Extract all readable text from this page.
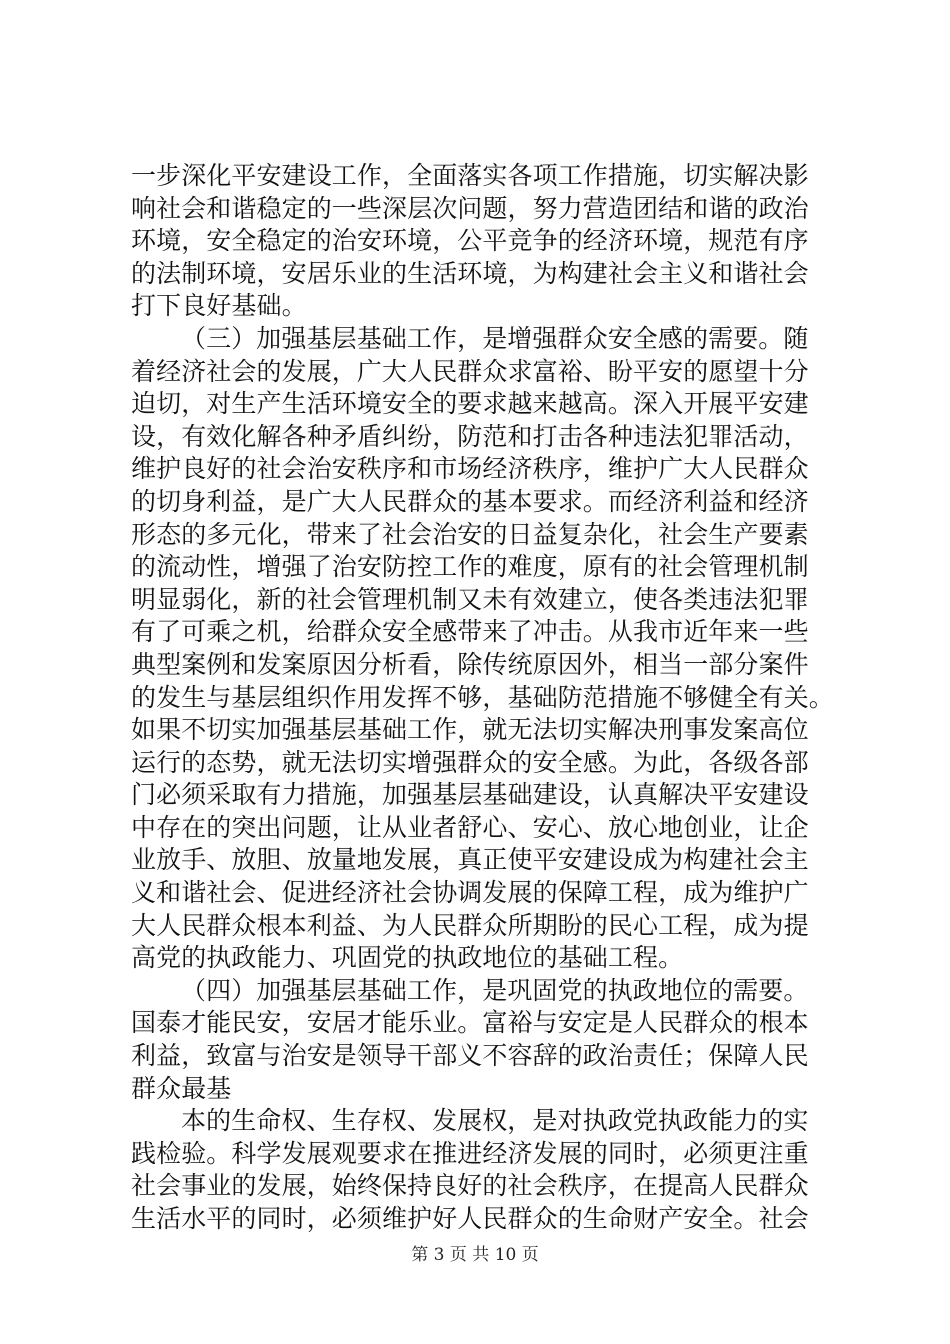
一步深化平安建设工作，全面落实各项工作措施，切实解决影
响社会和谐稳定的一些深层次问题，努力营造团结和谐的政治
环境，安全稳定的治安环境，公平竞争的经济环境，规范有序
的法制环境，安居乐业的生活环境，为构建社会主义和谐社会
打下良好基础。
（三）加强基层基础工作，是增强群众安全感的需要。随
着经济社会的发展，广大人民群众求富裕、盼平安的愿望十分
迫切，对生产生活环境安全的要求越来越高。深入开展平安建
设，有效化解各种矛盾纠纷，防范和打击各种违法犯罪活动，
维护良好的社会治安秩序和市场经济秩序，维护广大人民群众
的切身利益，是广大人民群众的基本要求。而经济利益和经济
形态的多元化，带来了社会治安的日益复杂化，社会生产要素
的流动性，增强了治安防控工作的难度，原有的社会管理机制
明显弱化，新的社会管理机制又未有效建立，使各类违法犯罪
有了可乘之机，给群众安全感带来了冲击。从我市近年来一些
典型案例和发案原因分析看，除传统原因外，相当一部分案件
的发生与基层组织作用发挥不够，基础防范措施不够健全有关。
如果不切实加强基层基础工作，就无法切实解决刑事发案高位
运行的态势，就无法切实增强群众的安全感。为此，各级各部
门必须采取有力措施，加强基层基础建设，认真解决平安建设
中存在的突出问题，让从业者舒心、安心、放心地创业，让企
业放手、放胆、放量地发展，真正使平安建设成为构建社会主
义和谐社会、促进经济社会协调发展的保障工程，成为维护广
大人民群众根本利益、为人民群众所期盼的民心工程，成为提
高党的执政能力、巩固党的执政地位的基础工程。
（四）加强基层基础工作，是巩固党的执政地位的需要。
国泰才能民安，安居才能乐业。富裕与安定是人民群众的根本
利益，致富与治安是领导干部义不容辞的政治责任；保障人民
群众最基
本的生命权、生存权、发展权，是对执政党执政能力的实
践检验。科学发展观要求在推进经济发展的同时，必须更注重
社会事业的发展，始终保持良好的社会秩序，在提高人民群众
生活水平的同时，必须维护好人民群众的生命财产安全。社会
第 3 页 共 10 页
